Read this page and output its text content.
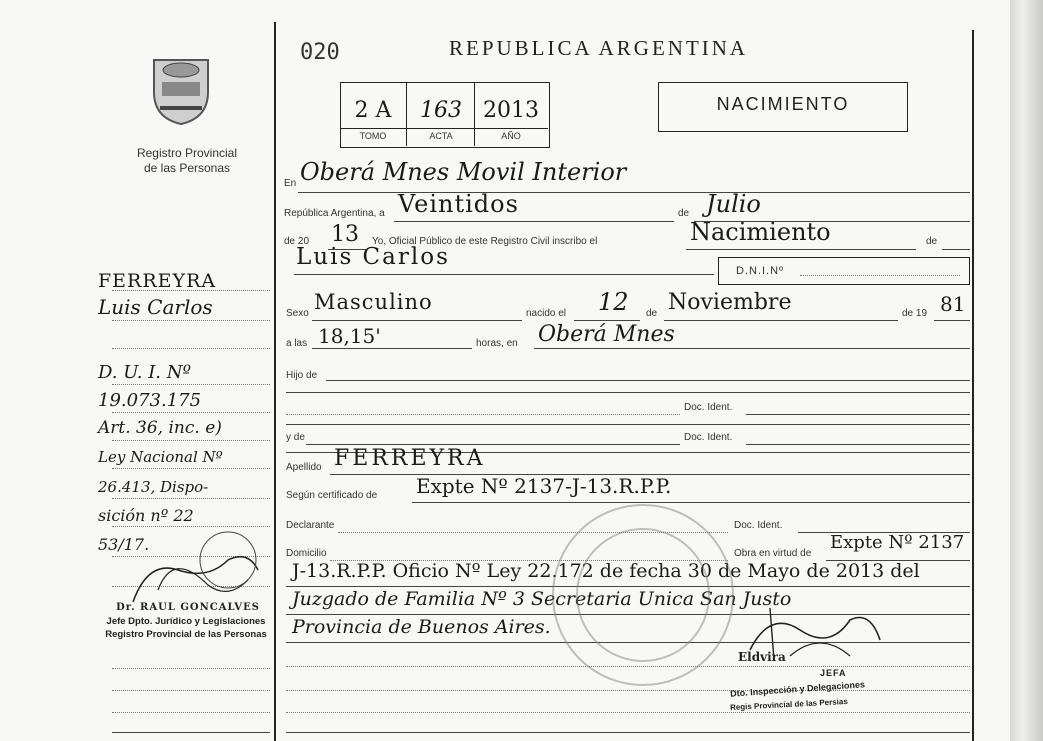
Registro Provincial
de las Personas
FERREYRA
Luis Carlos
D. U. I. Nº
19.073.175
Art. 36, inc. e)
Ley Nacional Nº
26.413, Dispo-
sición nº 22
53/17.
Dr. RAUL GONCALVES
Jefe Dpto. Jurídico y Legislaciones
Registro Provincial de las Personas
020	REPUBLICA ARGENTINA
2 A	163 2013
TOMO	ACTA	AÑO
NACIMIENTO
En Oberá Mnes Movil Interior
República Argentina, a Veintidos	de Julio
de 20 13 Yo, Oficial Público de este Registro Civil inscribo el	Nacimiento	de
Luis Carlos
D.N.I.Nº
Sexo Masculino	nacido el 12 de Noviembre	de 19 81
a las 18,15'	horas, en Oberá Mnes
Hijo de
Doc. Ident.
y de	Doc. Ident.
Apellido FERREYRA
Según certificado de Expte Nº 2137-J-13.R.P.P.
Declarante	Doc. Ident.
Domicilio	Obra en virtud de
Expte Nº 2137
J-13.R.P.P. Oficio Nº Ley 22.172 de fecha 30 de Mayo de 2013 del
Juzgado de Familia Nº 3 Secretaria Unica San Justo
Provincia de Buenos Aires.
Eldvira
JEFA
Dto. Inspección y Delegaciones
Regis Provincial de las Persias
